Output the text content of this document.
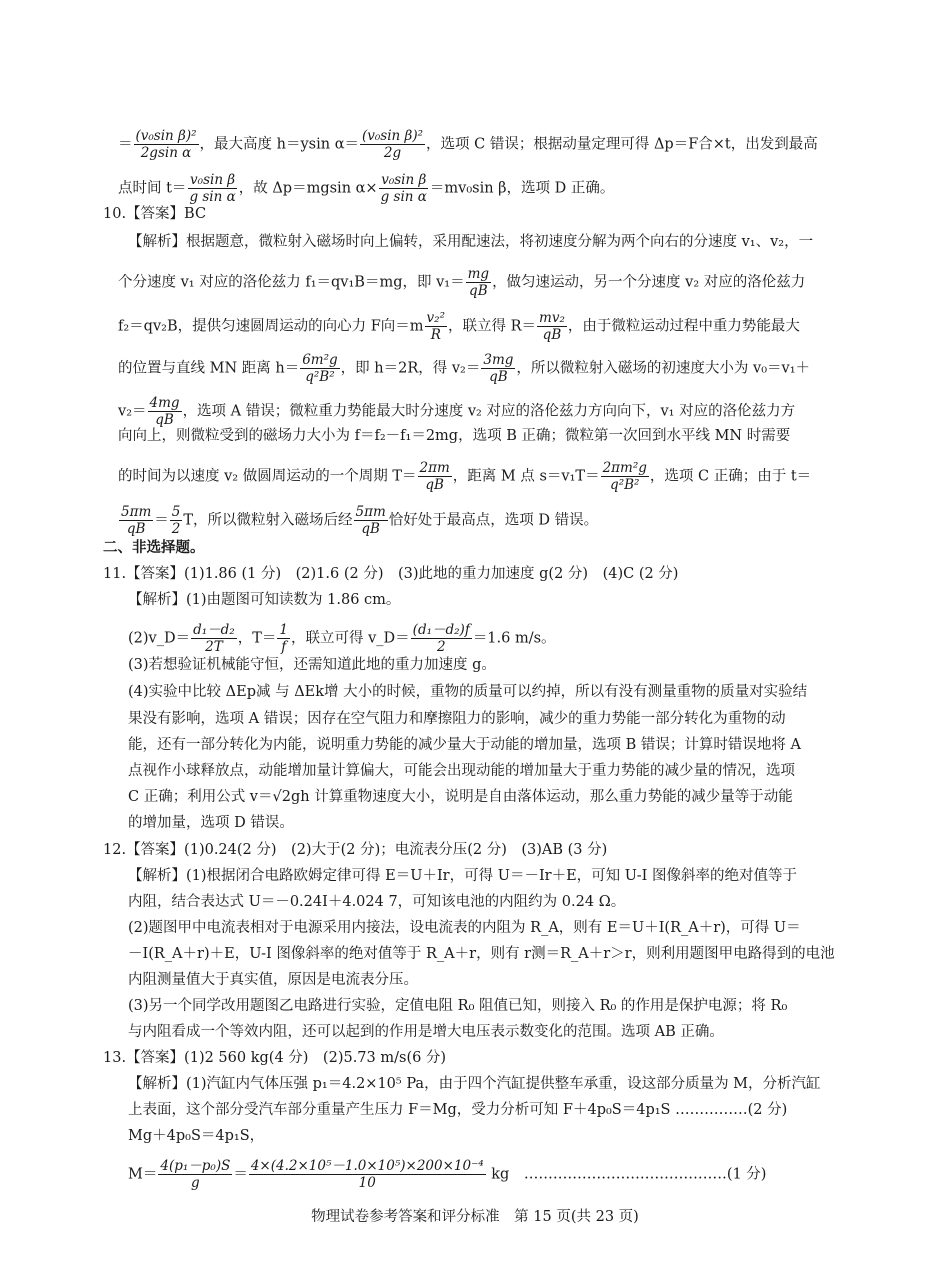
＝ $\frac{\text{(v₀sin β)²}}{\text{2gsin α}}$ ，最大高度 h＝ysin $\alpha= \frac{\text{(v₀sin β)²}}{2g}$ ，选项 C 错误；根据动量定理可得 Δp＝F合×t，出发到最高
点时间 $t= \frac{\text{v₀sin β}}{\text{g sin α}}$ ，故 Δp＝mgsin $\alpha\times \frac{\text{v₀sin β}}{\text{g sin α}} =mv_0\sin$ β，选项 D 正确。
10.【答案】BC
【解析】根据题意，微粒射入磁场时向上偏转，采用配速法，将初速度分解为两个向右的分速度 v₁、v₂，一
个分速度 v₁ 对应的洛伦兹力 f₁＝qv₁B＝mg，即 $v_1= \frac{mg}{qB}$ ，做匀速运动，另一个分速度 v₂ 对应的洛伦兹力
f₂＝qv₂B，提供匀速圆周运动的向心力 F向$=m \frac{\text{v₂²}}{R}$ ，联立得 $R= \frac{\text{mv₂}}{qB}$ ，由于微粒运动过程中重力势能最大
的位置与直线 MN 距离 $h= \frac{\text{6m²g}}{\text{q²B²}}$ ，即 h＝2R，得 $v_2= \frac{3mg}{qB}$ ，所以微粒射入磁场的初速度大小为 v₀＝v₁＋
$v_2= \frac{4mg}{qB}$ ，选项 A 错误；微粒重力势能最大时分速度 v₂ 对应的洛伦兹力方向向下，v₁ 对应的洛伦兹力方
向向上，则微粒受到的磁场力大小为 f＝f₂－f₁＝2mg，选项 B 正确；微粒第一次回到水平线 MN 时需要
的时间为以速度 v₂ 做圆周运动的一个周期 $T= \frac{2\pi m}{qB}$ ，距离 M 点 $s=v_1T= \frac{\text{2πm²g}}{\text{q²B²}}$ ，选项 C 正确；由于 t＝
$\frac{5\pi m}{qB} = \frac{5}{2}$ T，所以微粒射入磁场后经 $\frac{5\pi m}{qB}$ 恰好处于最高点，选项 D 错误。
二、非选择题。
11.【答案】(1)1.86 (1 分)　(2)1.6 (2 分)　(3)此地的重力加速度 g(2 分)　(4)C (2 分)
【解析】(1)由题图可知读数为 1.86 cm。
(2)v_D＝ $\frac{\text{d₁－d₂}}{2T}$ ，$T= \frac{1}{f}$ ，联立可得 v_D＝ $\frac{\text{(d₁－d₂)f}}{2} =1.6$ m/s。
(3)若想验证机械能守恒，还需知道此地的重力加速度 g。
(4)实验中比较 ΔEp减 与 ΔEk增 大小的时候，重物的质量可以约掉，所以有没有测量重物的质量对实验结
果没有影响，选项 A 错误；因存在空气阻力和摩擦阻力的影响，减少的重力势能一部分转化为重物的动
能，还有一部分转化为内能，说明重力势能的减少量大于动能的增加量，选项 B 错误；计算时错误地将 A
点视作小球释放点，动能增加量计算偏大，可能会出现动能的增加量大于重力势能的减少量的情况，选项
C 正确；利用公式 v＝√2gh 计算重物速度大小，说明是自由落体运动，那么重力势能的减少量等于动能
的增加量，选项 D 错误。
12.【答案】(1)0.24(2 分)　(2)大于(2 分)；电流表分压(2 分)　(3)AB (3 分)
【解析】(1)根据闭合电路欧姆定律可得 E＝U＋Ir，可得 U＝－Ir＋E，可知 U-I 图像斜率的绝对值等于
内阻，结合表达式 U＝－0.24I＋4.024 7，可知该电池的内阻约为 0.24 Ω。
(2)题图甲中电流表相对于电源采用内接法，设电流表的内阻为 R_A，则有 E＝U＋I(R_A＋r)，可得 U＝
－I(R_A＋r)＋E，U-I 图像斜率的绝对值等于 R_A＋r，则有 r测＝R_A＋r＞r，则利用题图甲电路得到的电池
内阻测量值大于真实值，原因是电流表分压。
(3)另一个同学改用题图乙电路进行实验，定值电阻 R₀ 阻值已知，则接入 R₀ 的作用是保护电源；将 R₀
与内阻看成一个等效内阻，还可以起到的作用是增大电压表示数变化的范围。选项 AB 正确。
13.【答案】(1)2 560 kg(4 分)　(2)5.73 m/s(6 分)
【解析】(1)汽缸内气体压强 p₁＝4.2×10⁵ Pa，由于四个汽缸提供整车承重，设这部分质量为 M，分析汽缸
上表面，这个部分受汽车部分重量产生压力 F＝Mg，受力分析可知 F＋4p₀S＝4p₁S ……………(2 分)
Mg＋4p₀S＝4p₁S，
$M= \frac{\text{4(p₁－p₀)S}}{g} = \frac{\text{4×(4.2×10⁵－1.0×10⁵)×200×10⁻⁴}}{10}$ kg　……………………………………(1 分)
物理试卷参考答案和评分标准　第 15 页(共 23 页)
